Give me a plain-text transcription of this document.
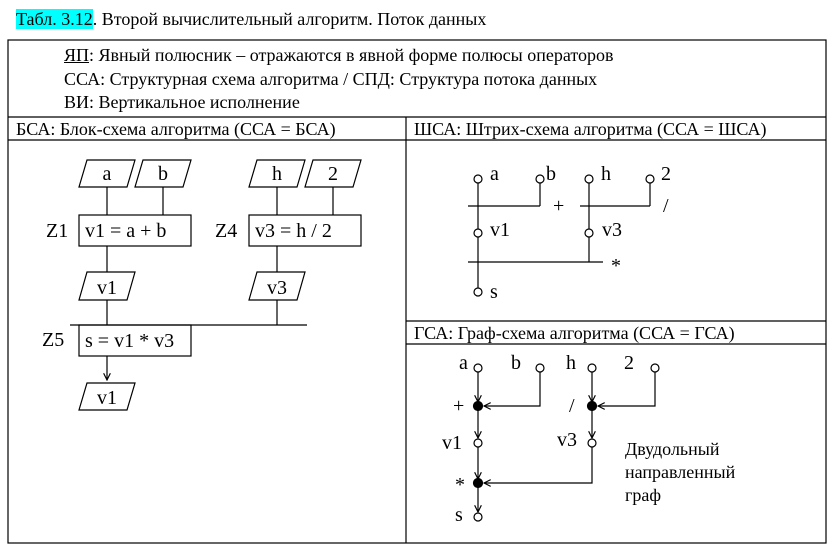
Табл. 3.12. Второй вычислительный алгоритм. Поток данных
ЯП: Явный полюсник – отражаются в явной форме полюсы операторов
ССА: Структурная схема алгоритма / СПД: Структура потока данных
ВИ: Вертикальное исполнение
БСА: Блок-схема алгоритма (ССА = БСА)	ШСА: Штрих-схема алгоритма (ССА = ШСА)
ГСА: Граф-схема алгоритма (ССА = ГСА)
Двудольный
направленный
граф
a b	h 2
Z1 v1 = a + b Z4 v3 = h / 2
v1	v3
Z5 s = v1 * v3
v1
a b h	2
+	/
*
v1	v3
s
a b h 2
+	/
*
v1	v3
s
